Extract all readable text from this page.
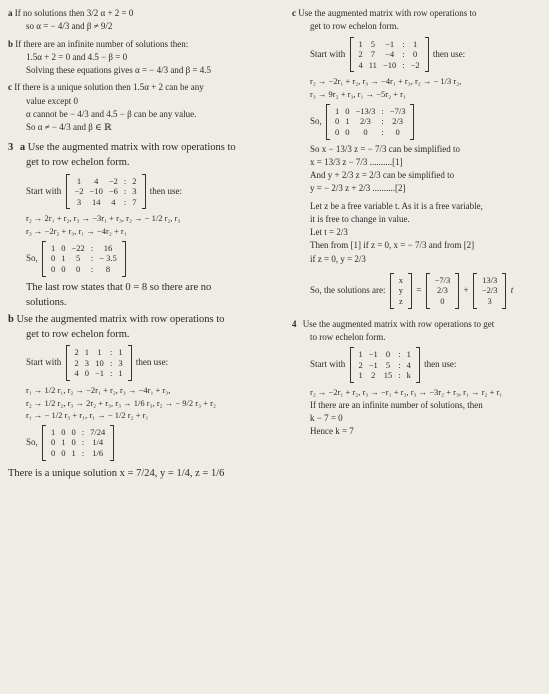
a If no solutions then 3/2 α + 2 = 0
so α = − 4/3 and β ≠ 9/2
b If there are an infinite number of solutions then:
1.5α + 2 = 0 and 4.5 − β = 0
Solving these equations gives α = − 4/3 and β = 4.5
c If there is a unique solution then 1.5α + 2 can be any
value except 0
α cannot be − 4/3 and 4.5 − β can be any value.
So α ≠ − 4/3 and β ∈ ℝ
3 a Use the augmented matrix with row operations to
get to row echelon form.
Start with
1	4	−2	:	2
−2	−10	−6	:	3
3	14	4	:	7
then use:
r₂ → 2r₁ + r₂, r₃ → −3r₁ + r₃, r₂ → − 1/2 r₂, r₃
r₃ → −2r₂ + r₃, r₁ → −4r₂ + r₁
So,
1	0	−22	:	16
0	1	5	:	− 3.5
0	0	0	:	8
The last row states that 0 = 8 so there are no
solutions.
b Use the augmented matrix with row operations to
get to row echelon form.
Start with
2	1	1	:	1
2	3	10	:	3
4	0	−1	:	1
then use:
r₁ → 1/2 r₁, r₂ → −2r₁ + r₂, r₃ → −4r₁ + r₃,
r₂ → 1/2 r₂, r₃ → 2r₂ + r₃, r₃ → 1/6 r₃, r₂ → − 9/2 r₃ + r₂
r₁ → − 1/2 r₃ + r₁, r₁ → − 1/2 r₂ + r₁
So,
1	0	0	:	7/24
0	1	0	:	1/4
0	0	1	:	1/6
There is a unique solution x = 7/24, y = 1/4, z = 1/6
c Use the augmented matrix with row operations to
get to row echelon form.
Start with
1	5	−1	:	1
2	7	−4	:	0
4	11	−10	:	−2
then use:
r₂ → −2r₁ + r₂, r₃ → −4r₁ + r₃, r₂ → − 1/3 r₂,
r₃ → 9r₂ + r₃, r₁ → −5r₂ + r₁
So,
1	0	−13/3	:	−7/3
0	1	2/3	:	2/3
0	0	0	:	0
So x − 13/3 z = − 7/3 can be simplified to
x = 13/3 z − 7/3 ..........[1]
And y + 2/3 z = 2/3 can be simplified to
y = − 2/3 z + 2/3 ..........[2]
Let z be a free variable t. As it is a free variable,
it is free to change in value.
Let t = 2/3
Then from [1] if z = 0, x = − 7/3 and from [2]
if z = 0, y = 2/3
So, the solutions are:
x
y
z
=
−7/3
2/3
0
+
13/3
−2/3
3
t
4 Use the augmented matrix with row operations to get
to row echelon form.
Start with
1	−1	0	:	1
2	−1	5	:	4
1	2	15	:	k
then use:
r₂ → −2r₁ + r₂, r₃ → −r₁ + r₃, r₃ → −3r₂ + r₃, r₁ → r₂ + r₁
If there are an infinite number of solutions, then
k − 7 = 0
Hence k = 7
